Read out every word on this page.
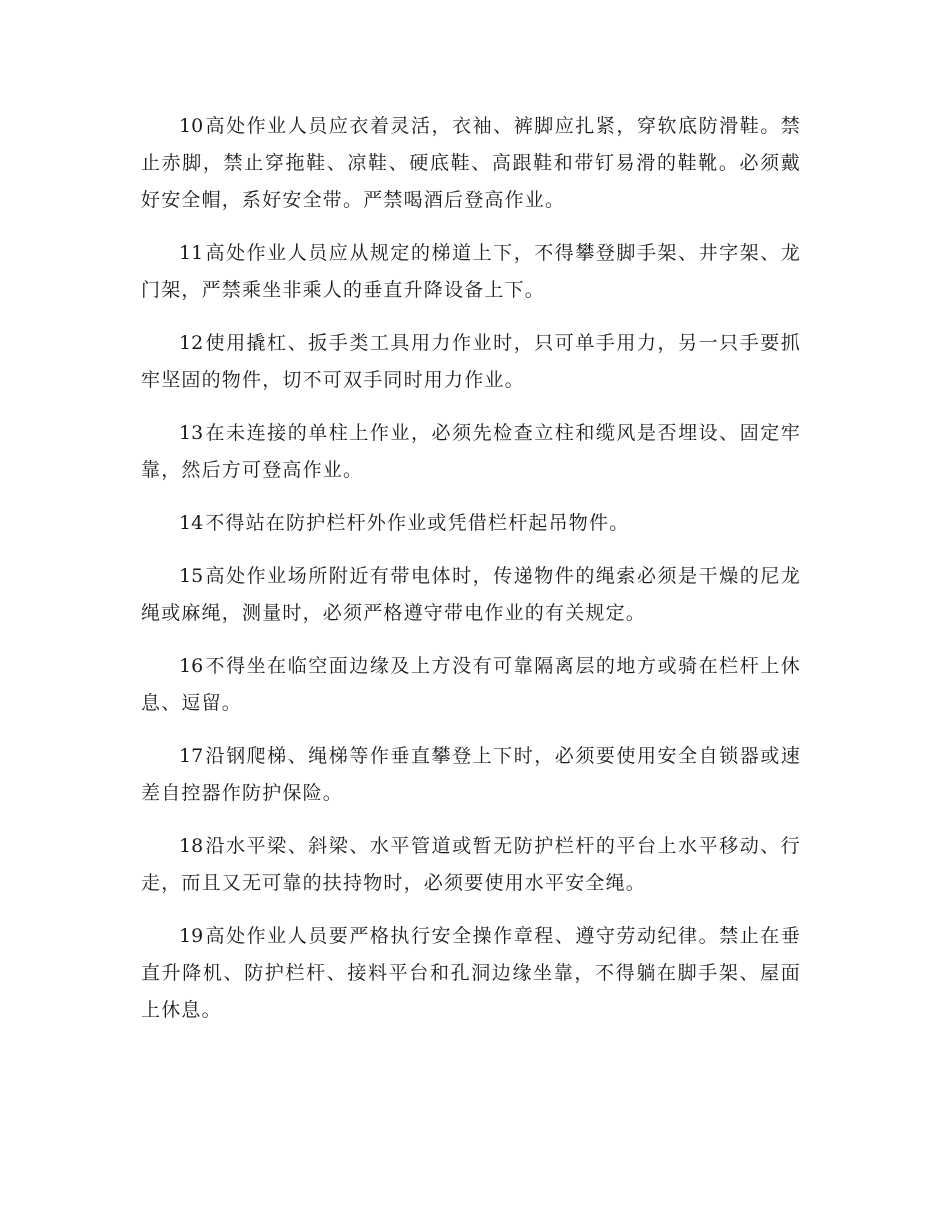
10 高处作业人员应衣着灵活，衣袖、裤脚应扎紧，穿软底防滑鞋。禁止赤脚，禁止穿拖鞋、凉鞋、硬底鞋、高跟鞋和带钉易滑的鞋靴。必须戴好安全帽，系好安全带。严禁喝酒后登高作业。

11 高处作业人员应从规定的梯道上下，不得攀登脚手架、井字架、龙门架，严禁乘坐非乘人的垂直升降设备上下。

12 使用撬杠、扳手类工具用力作业时，只可单手用力，另一只手要抓牢坚固的物件，切不可双手同时用力作业。

13 在未连接的单柱上作业，必须先检查立柱和缆风是否埋设、固定牢靠，然后方可登高作业。

14 不得站在防护栏杆外作业或凭借栏杆起吊物件。

15 高处作业场所附近有带电体时，传递物件的绳索必须是干燥的尼龙绳或麻绳，测量时，必须严格遵守带电作业的有关规定。

16 不得坐在临空面边缘及上方没有可靠隔离层的地方或骑在栏杆上休息、逗留。

17 沿钢爬梯、绳梯等作垂直攀登上下时，必须要使用安全自锁器或速差自控器作防护保险。

18 沿水平梁、斜梁、水平管道或暂无防护栏杆的平台上水平移动、行走，而且又无可靠的扶持物时，必须要使用水平安全绳。

19 高处作业人员要严格执行安全操作章程、遵守劳动纪律。禁止在垂直升降机、防护栏杆、接料平台和孔洞边缘坐靠，不得躺在脚手架、屋面上休息。
